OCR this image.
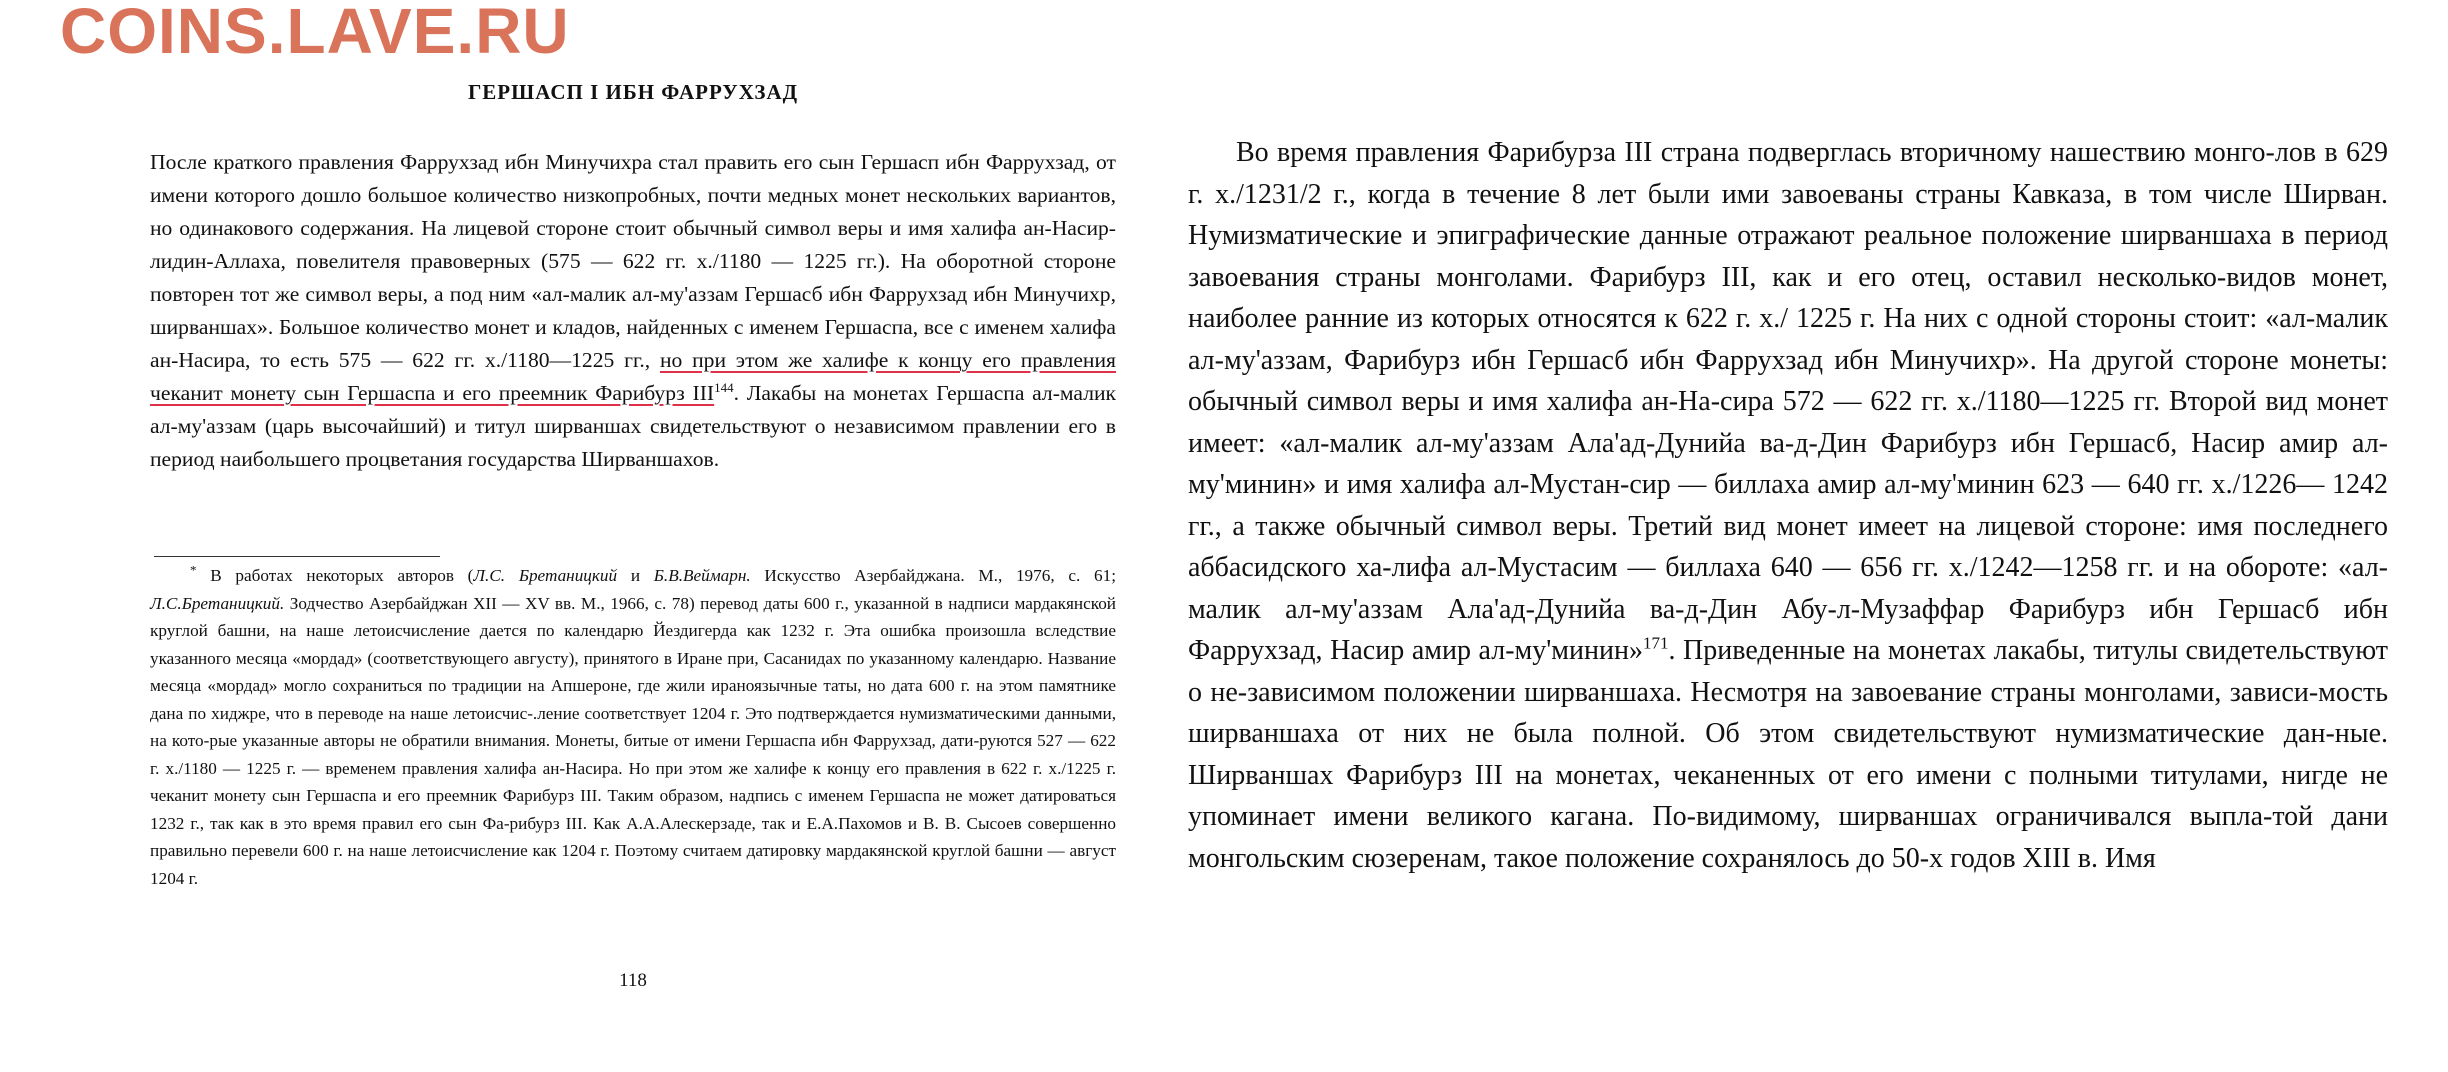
COINS.LAVE.RU
ГЕРШАСП I ИБН ФАРРУХЗАД

После краткого правления Фаррухзад ибн Минучихра стал править его сын Гершасп ибн Фаррухзад, от имени которого дошло большое количество низкопробных, почти медных монет нескольких вариантов, но одинакового содержания. На лицевой стороне стоит обычный символ веры и имя халифа ан-Насир-лидин-Аллаха, повелителя правоверных (575 — 622 гг. х./1180 — 1225 гг.). На оборотной стороне повторен тот же символ веры, а под ним «ал-малик ал-му'аззам Гершасб ибн Фаррухзад ибн Минучихр, ширваншах». Большое количество монет и кладов, найденных с именем Гершаспа, все с именем халифа ан-Насира, то есть 575 — 622 гг. х./1180—1225 гг., но при этом же халифе к концу его правления чеканит монету сын Гершаспа и его преемник Фарибурз III$^{144}$. Лакабы на монетах Гершаспа ал-малик ал-му'аззам (царь высочайший) и титул ширваншах свидетельствуют о независимом правлении его в период наибольшего процветания государства Ширваншахов.

* В работах некоторых авторов (Л.С. Бретаницкий и Б.В.Веймарн. Искусство Азербайджана. М., 1976, с. 61; Л.С.Бретаницкий. Зодчество Азербайджан XII — XV вв. М., 1966, с. 78) перевод даты 600 г., указанной в надписи мардакянской круглой башни, на наше летоисчисление дается по календарю Йездигерда как 1232 г. Эта ошибка произошла вследствие указанного месяца «мордад» (соответствующего августу), принятого в Иране при, Сасанидах по указанному календарю. Название месяца «мордад» могло сохраниться по традиции на Апшероне, где жили ираноязычные таты, но дата 600 г. на этом памятнике дана по хиджре, что в переводе на наше летоисчис-.ление соответствует 1204 г. Это подтверждается нумизматическими данными, на кото-рые указанные авторы не обратили внимания. Монеты, битые от имени Гершаспа ибн Фаррухзад, дати-руются 527 — 622 г. х./1180 — 1225 г. — временем правления халифа ан-Насира. Но при этом же халифе к концу его правления в 622 г. х./1225 г. чеканит монету сын Гершаспа и его преемник Фарибурз III. Таким образом, надпись с именем Гершаспа не может датироваться 1232 г., так как в это время правил его сын Фа-рибурз III. Как А.А.Алескерзаде, так и Е.А.Пахомов и В. В. Сысоев совершенно правильно перевели 600 г. на наше летоисчисление как 1204 г. Поэтому считаем датировку мардакянской круглой башни — август 1204 г.

118

Во время правления Фарибурза III страна подверглась вторичному нашествию монго-лов в 629 г. х./1231/2 г., когда в течение 8 лет были ими завоеваны страны Кавказа, в том числе Ширван. Нумизматические и эпиграфические данные отражают реальное положение ширваншаха в период завоевания страны монголами. Фарибурз III, как и его отец, оставил несколько-видов монет, наиболее ранние из которых относятся к 622 г. х./ 1225 г. На них с одной стороны стоит: «ал-малик ал-му'аззам, Фарибурз ибн Гершасб ибн Фаррухзад ибн Минучихр». На другой стороне монеты: обычный символ веры и имя халифа ан-На-сира 572 — 622 гг. х./1180—1225 гг. Второй вид монет имеет: «ал-малик ал-му'аззам Ала'ад-Дунийа ва-д-Дин Фарибурз ибн Гершасб, Насир амир ал-му'минин» и имя халифа ал-Мустан-сир — биллаха амир ал-му'минин 623 — 640 гг. х./1226— 1242 гг., а также обычный символ веры. Третий вид монет имеет на лицевой стороне: имя последнего аббасидского ха-лифа ал-Мустасим — биллаха 640 — 656 гг. х./1242—1258 гг. и на обороте: «ал-малик ал-му'аззам Ала'ад-Дунийа ва-д-Дин Абу-л-Музаффар Фарибурз ибн Гершасб ибн Фаррухзад, Насир амир ал-му'минин»$^{171}$. Приведенные на монетах лакабы, титулы свидетельствуют о не-зависимом положении ширваншаха. Несмотря на завоевание страны монголами, зависи-мость ширваншаха от них не была полной. Об этом свидетельствуют нумизматические дан-ные. Ширваншах Фарибурз III на монетах, чеканенных от его имени с полными титулами, нигде не упоминает имени великого кагана. По-видимому, ширваншах ограничивался выпла-той дани монгольским сюзеренам, такое положение сохранялось до 50-х годов XIII в. Имя
